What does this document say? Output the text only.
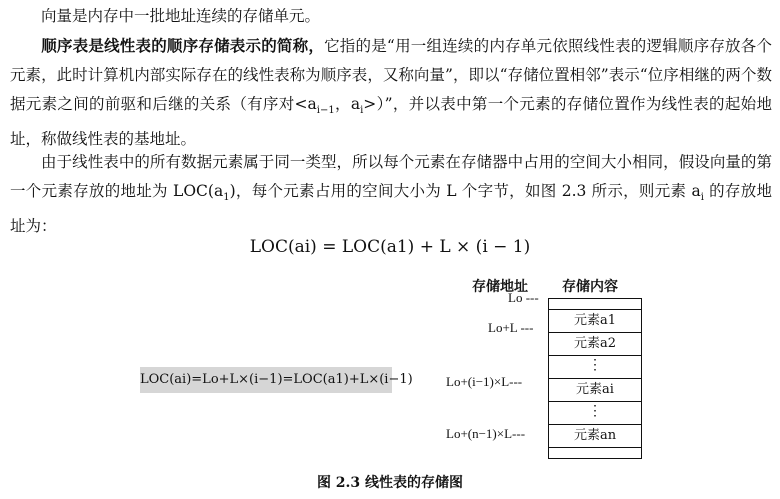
  向量是内存中一批地址连续的存储单元。

  顺序表是线性表的顺序存储表示的简称，它指的是“用一组连续的内存单元依照线性表的逻辑顺序存放各个元素，此时计算机内部实际存在的线性表称为顺序表，又称向量”，即以“存储位置相邻”表示“位序相继的两个数据元素之间的前驱和后继的关系（有序对$<a_{i-1}$，$a_i>$）”，并以表中第一个元素的存储位置作为线性表的起始地址，称做线性表的基地址。

  由于线性表中的所有数据元素属于同一类型，所以每个元素在存储器中占用的空间大小相同，假设向量的第一个元素存放的地址为 $LOC(a_1)$，每个元素占用的空间大小为 L 个字节，如图 2.3 所示，则元素 $a_i$ 的存放地址为：

LOC(ai) = LOC(a1) + L × (i − 1)
LOC(ai)=Lo+L×(i−1)=LOC(a1)+L×(i−1)
存储地址 存储内容
Lo ---
Lo+L ---
Lo+(i−1)×L---
Lo+(n−1)×L---
元素a1
元素a2
⋮
元素ai
⋮
元素an
图 2.3 线性表的存储图
